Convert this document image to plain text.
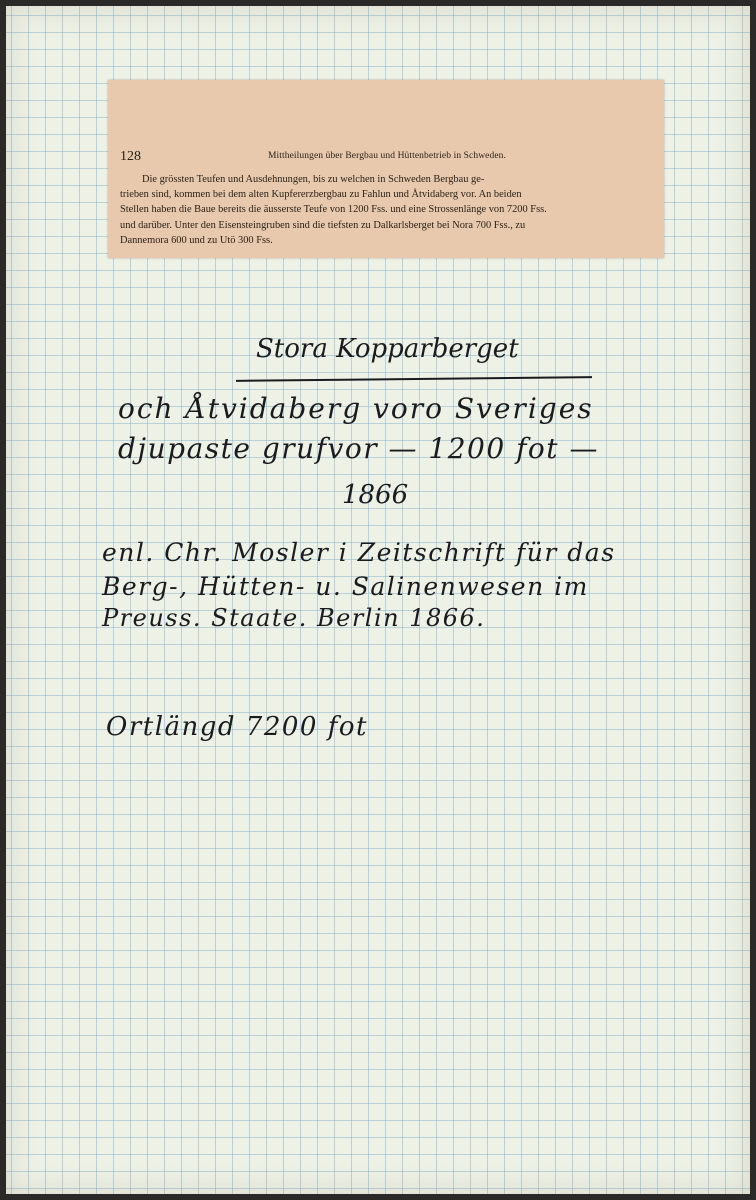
128	Mittheilungen über Bergbau und Hüttenbetrieb in Schweden.
Die grössten Teufen und Ausdehnungen, bis zu welchen in Schweden Bergbau ge-
trieben sind, kommen bei dem alten Kupfererzbergbau zu Fahlun und Åtvidaberg vor. An beiden
Stellen haben die Baue bereits die äusserste Teufe von 1200 Fss. und eine Strossenlänge von 7200 Fss.
und darüber. Unter den Eisensteingruben sind die tiefsten zu Dalkarlsberget bei Nora 700 Fss., zu
Dannemora 600 und zu Utö 300 Fss.
Stora Kopparberget
och Åtvidaberg voro Sveriges
djupaste grufvor — 1200 fot —
1866
enl. Chr. Mosler i Zeitschrift für das
Berg-, Hütten- u. Salinenwesen im
Preuss. Staate. Berlin 1866.
Ortlängd 7200 fot
